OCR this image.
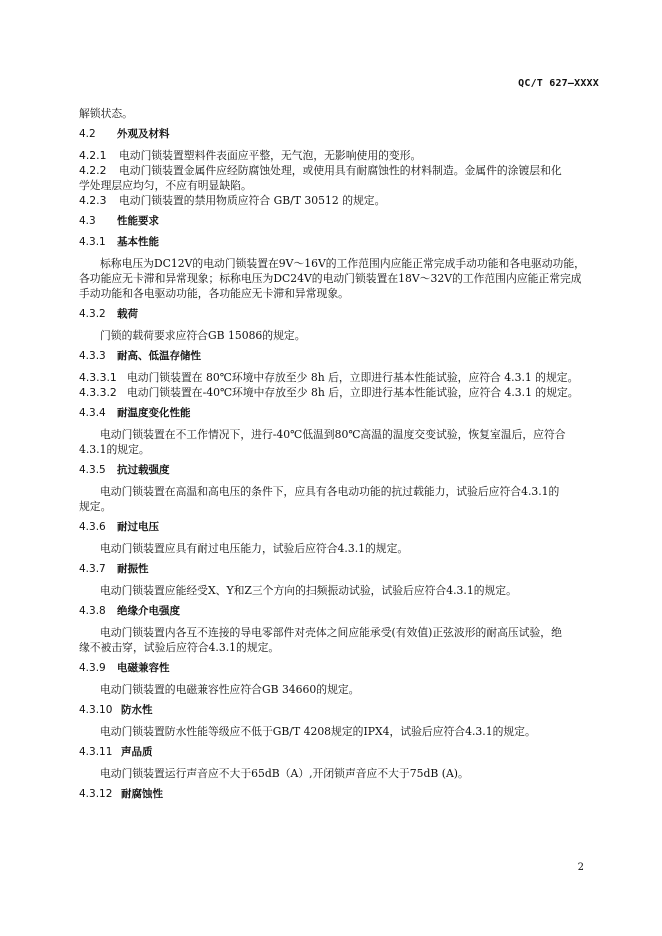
QC/T 627—XXXX
解锁状态。
4.2 外观及材料
4.2.1 电动门锁装置塑料件表面应平整，无气泡，无影响使用的变形。
4.2.2 电动门锁装置金属件应经防腐蚀处理，或使用具有耐腐蚀性的材料制造。金属件的涂镀层和化
学处理层应均匀，不应有明显缺陷。
4.2.3 电动门锁装置的禁用物质应符合 GB/T 30512 的规定。
4.3 性能要求
4.3.1 基本性能
标称电压为DC12V的电动门锁装置在9V～16V的工作范围内应能正常完成手动功能和各电驱动功能，
各功能应无卡滞和异常现象；标称电压为DC24V的电动门锁装置在18V～32V的工作范围内应能正常完成
手动功能和各电驱动功能，各功能应无卡滞和异常现象。
4.3.2 载荷
门锁的载荷要求应符合GB 15086的规定。
4.3.3 耐高、低温存储性
4.3.3.1 电动门锁装置在 80℃环境中存放至少 8h 后，立即进行基本性能试验，应符合 4.3.1 的规定。
4.3.3.2 电动门锁装置在-40℃环境中存放至少 8h 后，立即进行基本性能试验，应符合 4.3.1 的规定。
4.3.4 耐温度变化性能
电动门锁装置在不工作情况下，进行-40℃低温到80℃高温的温度交变试验，恢复室温后，应符合
4.3.1的规定。
4.3.5 抗过载强度
电动门锁装置在高温和高电压的条件下，应具有各电动功能的抗过载能力，试验后应符合4.3.1的
规定。
4.3.6 耐过电压
电动门锁装置应具有耐过电压能力，试验后应符合4.3.1的规定。
4.3.7 耐振性
电动门锁装置应能经受X、Y和Z三个方向的扫频振动试验，试验后应符合4.3.1的规定。
4.3.8 绝缘介电强度
电动门锁装置内各互不连接的导电零部件对壳体之间应能承受(有效值)正弦波形的耐高压试验，绝
缘不被击穿，试验后应符合4.3.1的规定。
4.3.9 电磁兼容性
电动门锁装置的电磁兼容性应符合GB 34660的规定。
4.3.10 防水性
电动门锁装置防水性能等级应不低于GB/T 4208规定的IPX4，试验后应符合4.3.1的规定。
4.3.11 声品质
电动门锁装置运行声音应不大于65dB（A）,开闭锁声音应不大于75dB (A)。
4.3.12 耐腐蚀性
2
